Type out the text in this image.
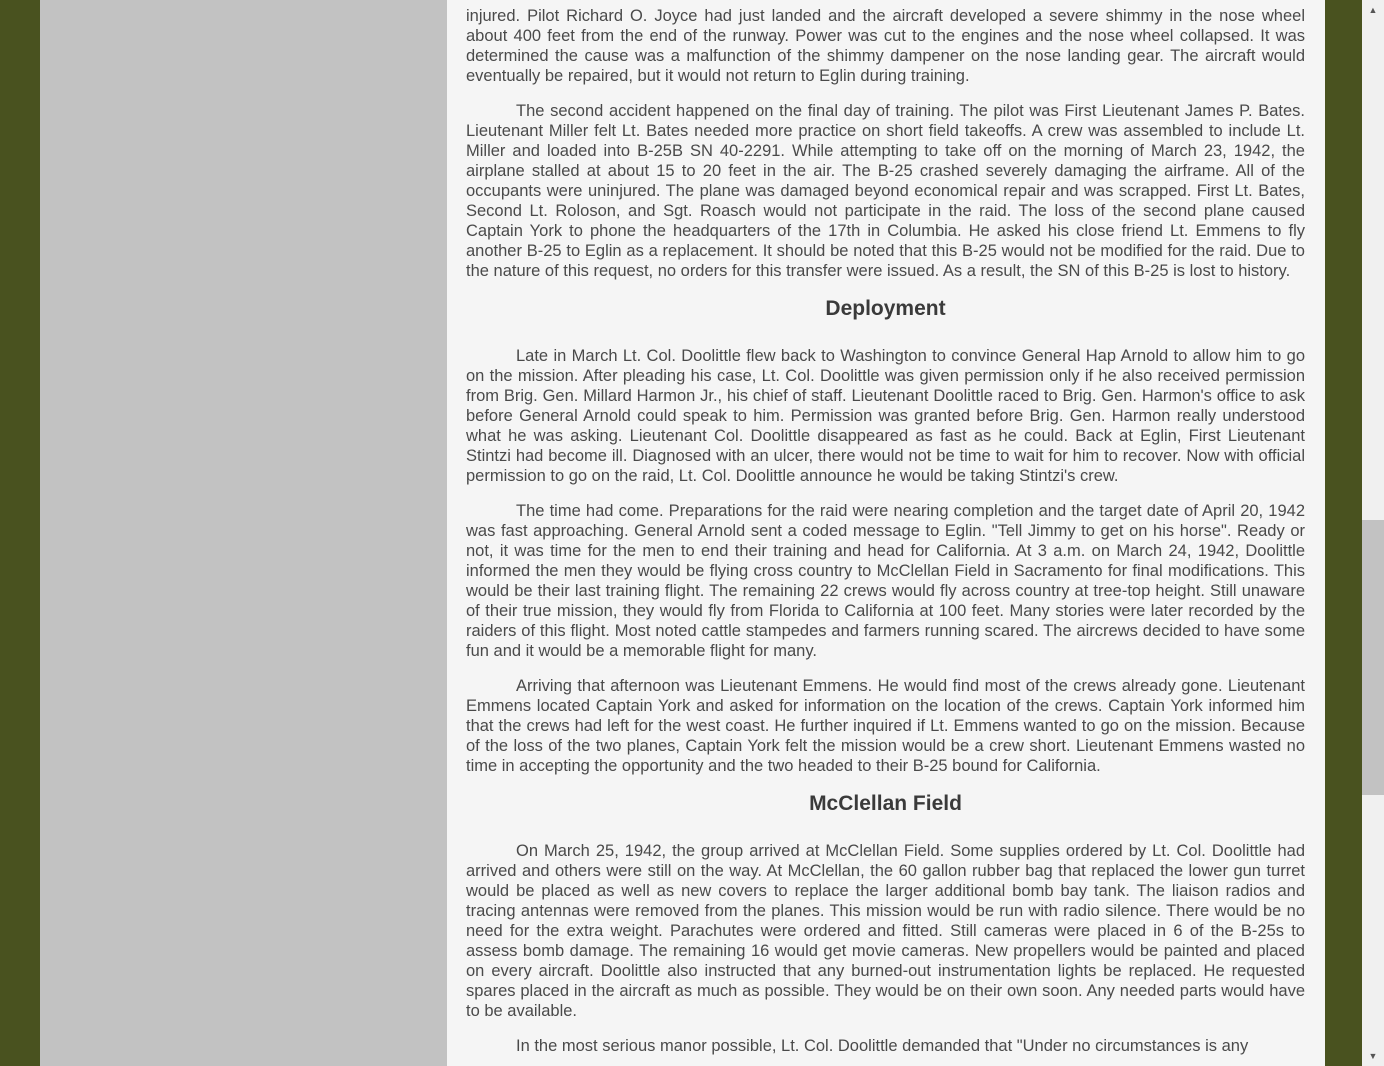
injured. Pilot Richard O. Joyce had just landed and the aircraft developed a severe shimmy in the nose wheel about 400 feet from the end of the runway. Power was cut to the engines and the nose wheel collapsed. It was determined the cause was a malfunction of the shimmy dampener on the nose landing gear. The aircraft would eventually be repaired, but it would not return to Eglin during training.

The second accident happened on the final day of training. The pilot was First Lieutenant James P. Bates. Lieutenant Miller felt Lt. Bates needed more practice on short field takeoffs. A crew was assembled to include Lt. Miller and loaded into B-25B SN 40-2291. While attempting to take off on the morning of March 23, 1942, the airplane stalled at about 15 to 20 feet in the air. The B-25 crashed severely damaging the airframe. All of the occupants were uninjured. The plane was damaged beyond economical repair and was scrapped. First Lt. Bates, Second Lt. Roloson, and Sgt. Roasch would not participate in the raid. The loss of the second plane caused Captain York to phone the headquarters of the 17th in Columbia. He asked his close friend Lt. Emmens to fly another B-25 to Eglin as a replacement. It should be noted that this B-25 would not be modified for the raid. Due to the nature of this request, no orders for this transfer were issued. As a result, the SN of this B-25 is lost to history.

Deployment

Late in March Lt. Col. Doolittle flew back to Washington to convince General Hap Arnold to allow him to go on the mission. After pleading his case, Lt. Col. Doolittle was given permission only if he also received permission from Brig. Gen. Millard Harmon Jr., his chief of staff. Lieutenant Doolittle raced to Brig. Gen. Harmon's office to ask before General Arnold could speak to him. Permission was granted before Brig. Gen. Harmon really understood what he was asking. Lieutenant Col. Doolittle disappeared as fast as he could. Back at Eglin, First Lieutenant Stintzi had become ill. Diagnosed with an ulcer, there would not be time to wait for him to recover. Now with official permission to go on the raid, Lt. Col. Doolittle announce he would be taking Stintzi's crew.

The time had come. Preparations for the raid were nearing completion and the target date of April 20, 1942 was fast approaching. General Arnold sent a coded message to Eglin. "Tell Jimmy to get on his horse". Ready or not, it was time for the men to end their training and head for California. At 3 a.m. on March 24, 1942, Doolittle informed the men they would be flying cross country to McClellan Field in Sacramento for final modifications. This would be their last training flight. The remaining 22 crews would fly across country at tree-top height. Still unaware of their true mission, they would fly from Florida to California at 100 feet. Many stories were later recorded by the raiders of this flight. Most noted cattle stampedes and farmers running scared. The aircrews decided to have some fun and it would be a memorable flight for many.

Arriving that afternoon was Lieutenant Emmens. He would find most of the crews already gone. Lieutenant Emmens located Captain York and asked for information on the location of the crews. Captain York informed him that the crews had left for the west coast. He further inquired if Lt. Emmens wanted to go on the mission. Because of the loss of the two planes, Captain York felt the mission would be a crew short. Lieutenant Emmens wasted no time in accepting the opportunity and the two headed to their B-25 bound for California.

McClellan Field

On March 25, 1942, the group arrived at McClellan Field. Some supplies ordered by Lt. Col. Doolittle had arrived and others were still on the way. At McClellan, the 60 gallon rubber bag that replaced the lower gun turret would be placed as well as new covers to replace the larger additional bomb bay tank. The liaison radios and tracing antennas were removed from the planes. This mission would be run with radio silence. There would be no need for the extra weight. Parachutes were ordered and fitted. Still cameras were placed in 6 of the B-25s to assess bomb damage. The remaining 16 would get movie cameras. New propellers would be painted and placed on every aircraft. Doolittle also instructed that any burned-out instrumentation lights be replaced. He requested spares placed in the aircraft as much as possible. They would be on their own soon. Any needed parts would have to be available.

In the most serious manor possible, Lt. Col. Doolittle demanded that "Under no circumstances is any

▲
▼
